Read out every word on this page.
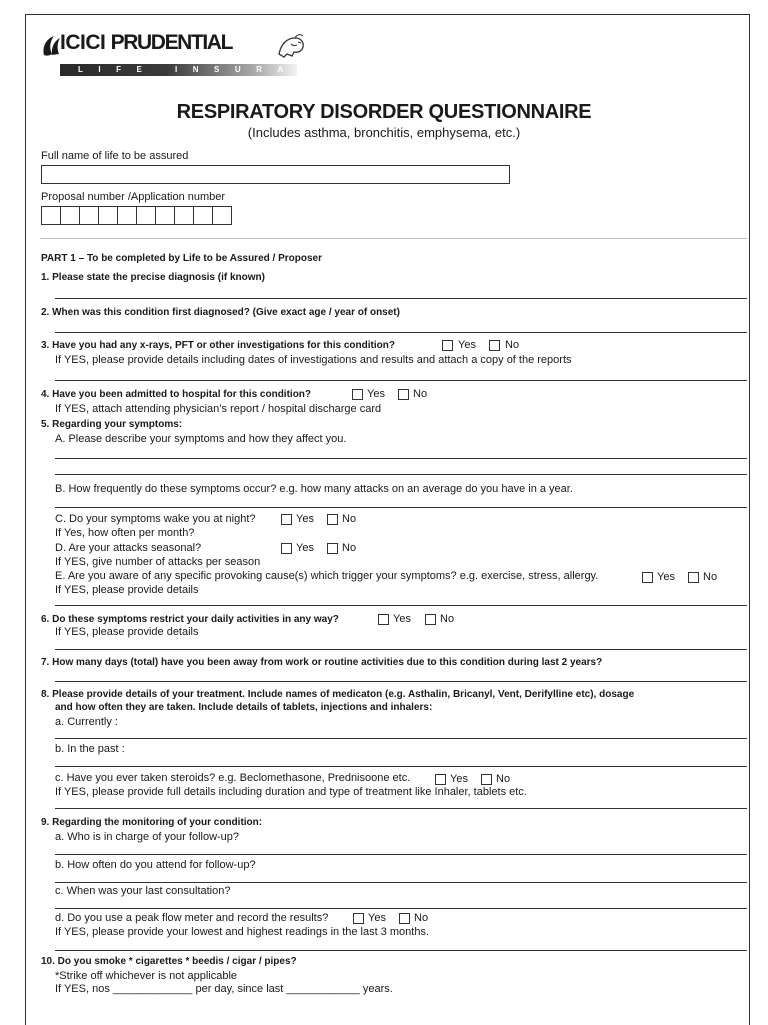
ICICI PRUDENTIAL
LIFE INSURANCE
RESPIRATORY DISORDER QUESTIONNAIRE
(Includes asthma, bronchitis, emphysema, etc.)
Full name of life to be assured
Proposal number /Application number
PART 1 – To be completed by Life to be Assured / Proposer
1. Please state the precise diagnosis (if known)
2. When was this condition first diagnosed? (Give exact age / year of onset)
3. Have you had any x-rays, PFT or other investigations for this condition?	Yes	No
If YES, please provide details including dates of investigations and results and attach a copy of the reports
4. Have you been admitted to hospital for this condition?	Yes	No
If YES, attach attending physician’s report / hospital discharge card
5. Regarding your symptoms:
A. Please describe your symptoms and how they affect you.
B. How frequently do these symptoms occur? e.g. how many attacks on an average do you have in a year.
C. Do your symptoms wake you at night?	Yes	No
If Yes, how often per month?
D. Are your attacks seasonal?	Yes	No
If YES, give number of attacks per season
E. Are you aware of any specific provoking cause(s) which trigger your symptoms? e.g. exercise, stress, allergy.	Yes	No
If YES, please provide details
6. Do these symptoms restrict your daily activities in any way?	Yes	No
If YES, please provide details
7. How many days (total) have you been away from work or routine activities due to this condition during last 2 years?
8. Please provide details of your treatment. Include names of medicaton (e.g. Asthalin, Bricanyl, Vent, Derifylline etc), dosage
and how often they are taken. Include details of tablets, injections and inhalers:
a. Currently :
b. In the past :
c. Have you ever taken steroids? e.g. Beclomethasone, Prednisoone etc.	Yes	No
If YES, please provide full details including duration and type of treatment like Inhaler, tablets etc.
9. Regarding the monitoring of your condition:
a. Who is in charge of your follow-up?
b. How often do you attend for follow-up?
c. When was your last consultation?
d. Do you use a peak flow meter and record the results?	Yes	No
If YES, please provide your lowest and highest readings in the last 3 months.
10. Do you smoke * cigarettes * beedis / cigar / pipes?
*Strike off whichever is not applicable
If YES, nos _____________ per day, since last ____________ years.
